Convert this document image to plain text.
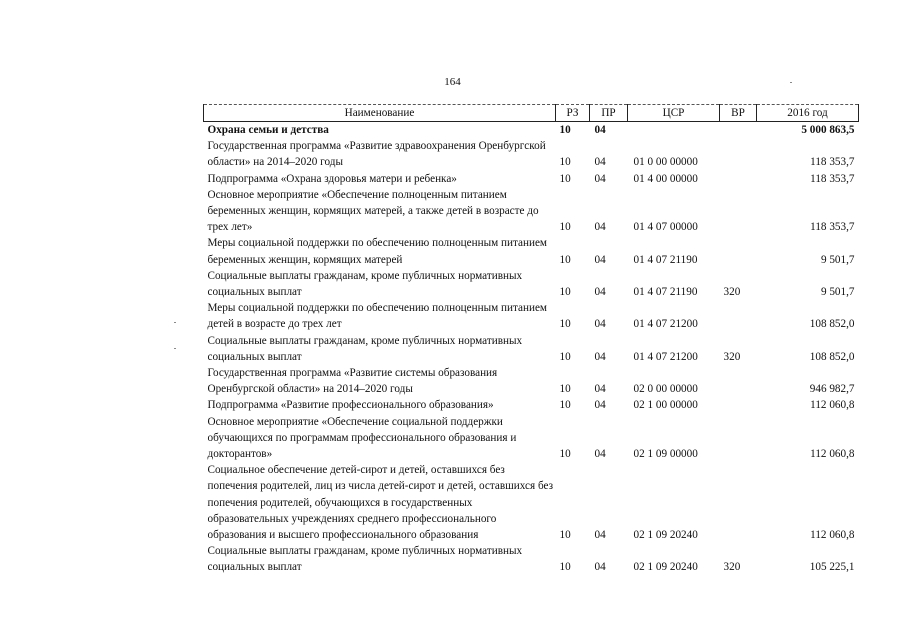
164
Наименование	РЗ	ПР	ЦСР	ВР	2016 год
Охрана семьи и детства	10	04			5 000 863,5
Государственная программа «Развитие здравоохранения Оренбургской области» на 2014–2020 годы	10	04	01 0 00 00000		118 353,7
Подпрограмма «Охрана здоровья матери и ребенка»	10	04	01 4 00 00000		118 353,7
Основное мероприятие «Обеспечение полноценным питанием беременных женщин, кормящих матерей, а также детей в возрасте до трех лет»	10	04	01 4 07 00000		118 353,7
Меры социальной поддержки по обеспечению полноценным питанием беременных женщин, кормящих матерей	10	04	01 4 07 21190		9 501,7
Социальные выплаты гражданам, кроме публичных нормативных социальных выплат	10	04	01 4 07 21190	320	9 501,7
Меры социальной поддержки по обеспечению полноценным питанием детей в возрасте до трех лет	10	04	01 4 07 21200		108 852,0
Социальные выплаты гражданам, кроме публичных нормативных социальных выплат	10	04	01 4 07 21200	320	108 852,0
Государственная программа «Развитие системы образования Оренбургской области» на 2014–2020 годы	10	04	02 0 00 00000		946 982,7
Подпрограмма «Развитие профессионального образования»	10	04	02 1 00 00000		112 060,8
Основное мероприятие «Обеспечение социальной поддержки обучающихся по программам профессионального образования и докторантов»	10	04	02 1 09 00000		112 060,8
Социальное обеспечение детей-сирот и детей, оставшихся без попечения родителей, лиц из числа детей-сирот и детей, оставшихся без попечения родителей, обучающихся в государственных образовательных учреждениях среднего профессионального образования и высшего профессионального образования	10	04	02 1 09 20240		112 060,8
Социальные выплаты гражданам, кроме публичных нормативных социальных выплат	10	04	02 1 09 20240	320	105 225,1
